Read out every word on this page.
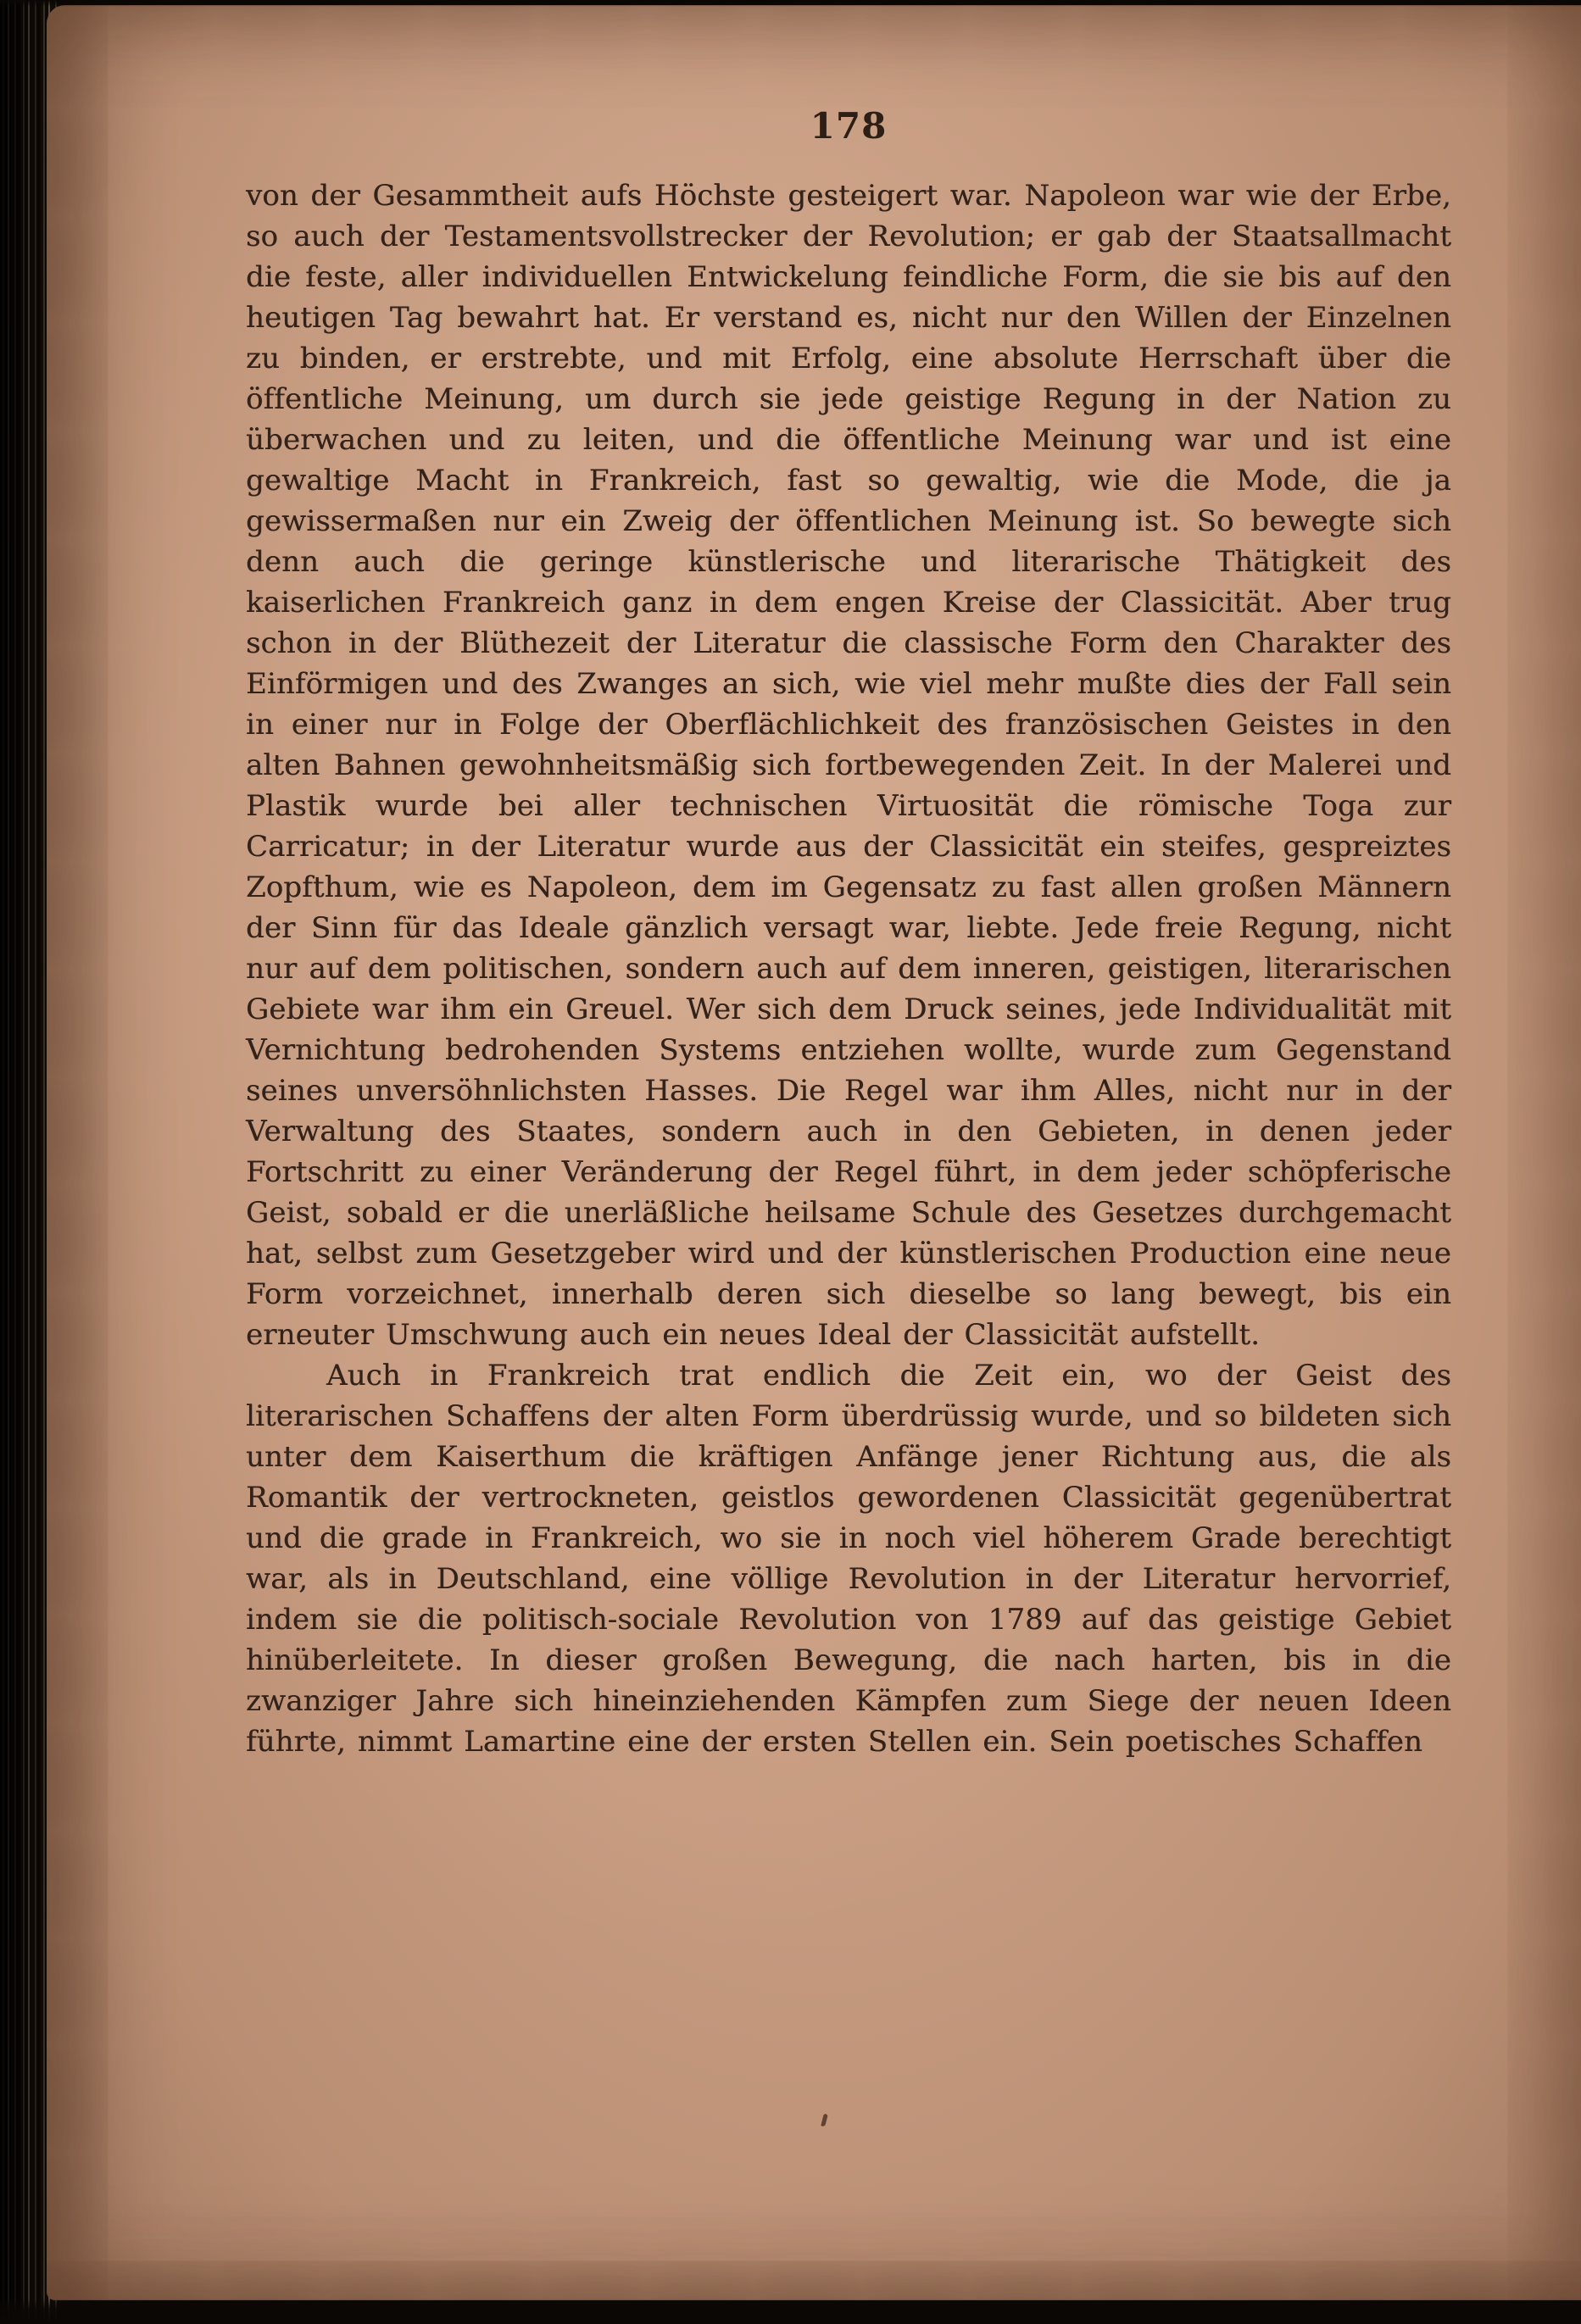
178

von der Gesammtheit aufs Höchste gesteigert war. Napoleon war wie der Erbe, so auch der Testamentsvollstrecker der Revolution; er gab der Staatsallmacht die feste, aller individuellen Entwickelung feindliche Form, die sie bis auf den heutigen Tag bewahrt hat. Er verstand es, nicht nur den Willen der Einzelnen zu binden, er erstrebte, und mit Erfolg, eine absolute Herrschaft über die öffentliche Meinung, um durch sie jede geistige Regung in der Nation zu überwachen und zu leiten, und die öffentliche Meinung war und ist eine gewaltige Macht in Frankreich, fast so gewaltig, wie die Mode, die ja gewissermaßen nur ein Zweig der öffentlichen Meinung ist. So bewegte sich denn auch die geringe künstlerische und literarische Thätigkeit des kaiserlichen Frankreich ganz in dem engen Kreise der Classicität. Aber trug schon in der Blüthezeit der Literatur die classische Form den Charakter des Einförmigen und des Zwanges an sich, wie viel mehr mußte dies der Fall sein in einer nur in Folge der Oberflächlichkeit des französischen Geistes in den alten Bahnen gewohnheitsmäßig sich fortbewegenden Zeit. In der Malerei und Plastik wurde bei aller technischen Virtuosität die römische Toga zur Carricatur; in der Literatur wurde aus der Classicität ein steifes, gespreiztes Zopfthum, wie es Napoleon, dem im Gegensatz zu fast allen großen Männern der Sinn für das Ideale gänzlich versagt war, liebte. Jede freie Regung, nicht nur auf dem politischen, sondern auch auf dem inneren, geistigen, literarischen Gebiete war ihm ein Greuel. Wer sich dem Druck seines, jede Individualität mit Vernichtung bedrohenden Systems entziehen wollte, wurde zum Gegenstand seines unversöhnlichsten Hasses. Die Regel war ihm Alles, nicht nur in der Verwaltung des Staates, sondern auch in den Gebieten, in denen jeder Fortschritt zu einer Veränderung der Regel führt, in dem jeder schöpferische Geist, sobald er die unerläßliche heilsame Schule des Gesetzes durchgemacht hat, selbst zum Gesetzgeber wird und der künstlerischen Production eine neue Form vorzeichnet, innerhalb deren sich dieselbe so lang bewegt, bis ein erneuter Umschwung auch ein neues Ideal der Classicität aufstellt.

Auch in Frankreich trat endlich die Zeit ein, wo der Geist des literarischen Schaffens der alten Form überdrüssig wurde, und so bildeten sich unter dem Kaiserthum die kräftigen Anfänge jener Richtung aus, die als Romantik der vertrockneten, geistlos gewordenen Classicität gegenübertrat und die grade in Frankreich, wo sie in noch viel höherem Grade berechtigt war, als in Deutschland, eine völlige Revolution in der Literatur hervorrief, indem sie die politisch-sociale Revolution von 1789 auf das geistige Gebiet hinüberleitete. In dieser großen Bewegung, die nach harten, bis in die zwanziger Jahre sich hineinziehenden Kämpfen zum Siege der neuen Ideen führte, nimmt Lamartine eine der ersten Stellen ein. Sein poetisches Schaffen
